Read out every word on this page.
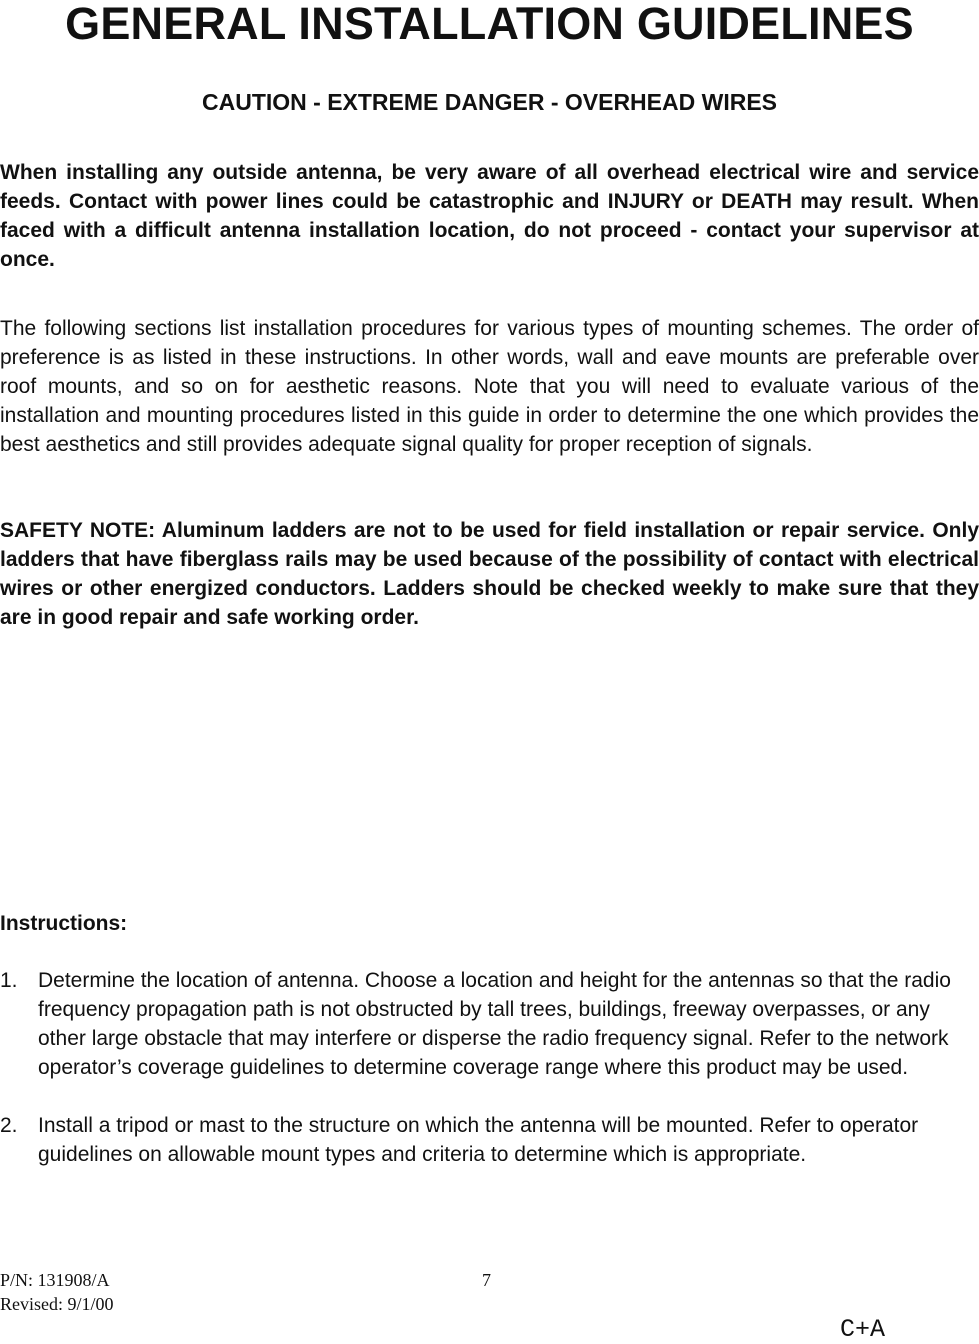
GENERAL INSTALLATION GUIDELINES
CAUTION - EXTREME DANGER - OVERHEAD WIRES

When installing any outside antenna, be very aware of all overhead electrical wire and service feeds. Contact with power lines could be catastrophic and INJURY or DEATH may result. When faced with a difficult antenna installation location, do not proceed - contact your supervisor at once.

The following sections list installation procedures for various types of mounting schemes. The order of preference is as listed in these instructions. In other words, wall and eave mounts are preferable over roof mounts, and so on for aesthetic reasons. Note that you will need to evaluate various of the installation and mounting procedures listed in this guide in order to determine the one which provides the best aesthetics and still provides adequate signal quality for proper reception of signals.

SAFETY NOTE: Aluminum ladders are not to be used for field installation or repair service. Only ladders that have fiberglass rails may be used because of the possibility of contact with electrical wires or other energized conductors. Ladders should be checked weekly to make sure that they are in good repair and safe working order.

Instructions:
1. Determine the location of antenna. Choose a location and height for the antennas so that the radio frequency propagation path is not obstructed by tall trees, buildings, freeway overpasses, or any other large obstacle that may interfere or disperse the radio frequency signal. Refer to the network operator’s coverage guidelines to determine coverage range where this product may be used.
2. Install a tripod or mast to the structure on which the antenna will be mounted. Refer to operator guidelines on allowable mount types and criteria to determine which is appropriate.
P/N: 131908/A
Revised: 9/1/00
7
C+A
